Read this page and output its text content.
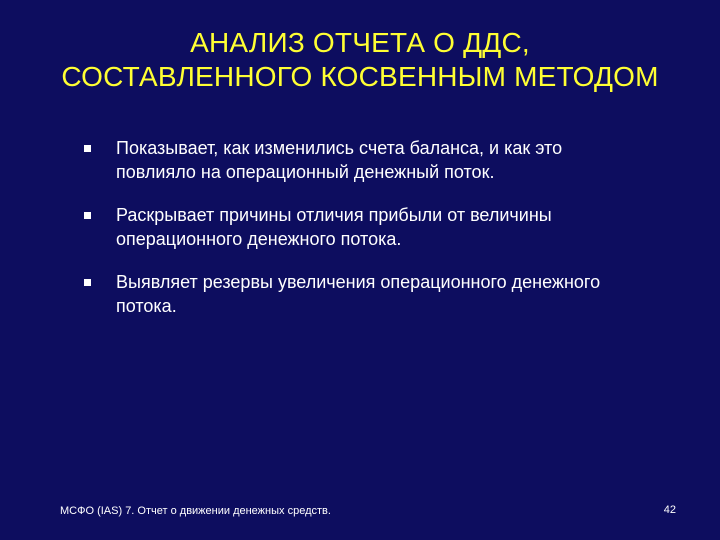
АНАЛИЗ ОТЧЕТА О ДДС,
СОСТАВЛЕННОГО КОСВЕННЫМ МЕТОДОМ
Показывает, как изменились счета баланса, и как это повлияло на операционный денежный поток.
Раскрывает причины отличия прибыли от величины операционного денежного потока.
Выявляет резервы увеличения операционного денежного потока.
МСФО (IAS) 7. Отчет о движении денежных средств.	42
